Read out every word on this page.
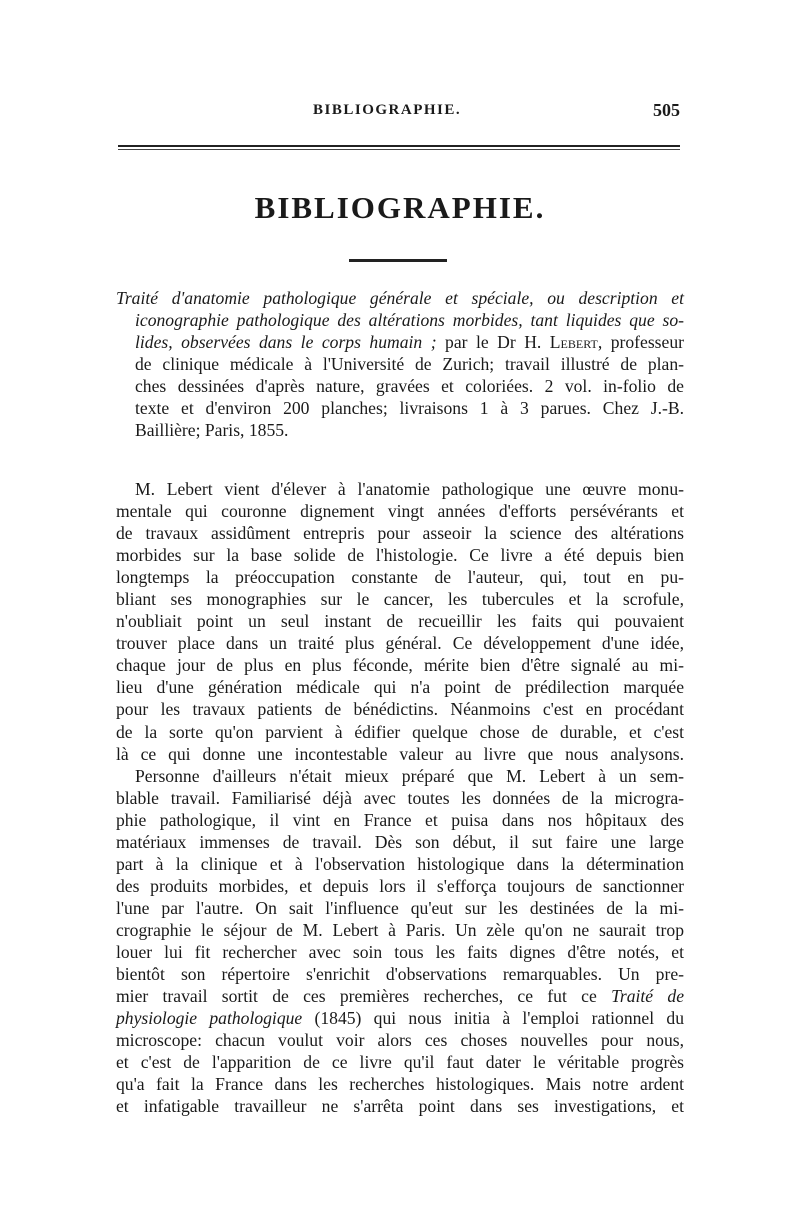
BIBLIOGRAPHIE.	505
BIBLIOGRAPHIE.
Traité d'anatomie pathologique générale et spéciale, ou description et
iconographie pathologique des altérations morbides, tant liquides que so-
lides, observées dans le corps humain ; par le Dr H. Lebert, professeur
de clinique médicale à l'Université de Zurich; travail illustré de plan-
ches dessinées d'après nature, gravées et coloriées. 2 vol. in-folio de
texte et d'environ 200 planches; livraisons 1 à 3 parues. Chez J.-B.
Baillière; Paris, 1855.
M. Lebert vient d'élever à l'anatomie pathologique une œuvre monu-
mentale qui couronne dignement vingt années d'efforts persévérants et
de travaux assidûment entrepris pour asseoir la science des altérations
morbides sur la base solide de l'histologie. Ce livre a été depuis bien
longtemps la préoccupation constante de l'auteur, qui, tout en pu-
bliant ses monographies sur le cancer, les tubercules et la scrofule,
n'oubliait point un seul instant de recueillir les faits qui pouvaient
trouver place dans un traité plus général. Ce développement d'une idée,
chaque jour de plus en plus féconde, mérite bien d'être signalé au mi-
lieu d'une génération médicale qui n'a point de prédilection marquée
pour les travaux patients de bénédictins. Néanmoins c'est en procédant
de la sorte qu'on parvient à édifier quelque chose de durable, et c'est
là ce qui donne une incontestable valeur au livre que nous analysons.
Personne d'ailleurs n'était mieux préparé que M. Lebert à un sem-
blable travail. Familiarisé déjà avec toutes les données de la microgra-
phie pathologique, il vint en France et puisa dans nos hôpitaux des
matériaux immenses de travail. Dès son début, il sut faire une large
part à la clinique et à l'observation histologique dans la détermination
des produits morbides, et depuis lors il s'efforça toujours de sanctionner
l'une par l'autre. On sait l'influence qu'eut sur les destinées de la mi-
crographie le séjour de M. Lebert à Paris. Un zèle qu'on ne saurait trop
louer lui fit rechercher avec soin tous les faits dignes d'être notés, et
bientôt son répertoire s'enrichit d'observations remarquables. Un pre-
mier travail sortit de ces premières recherches, ce fut ce Traité de
physiologie pathologique (1845) qui nous initia à l'emploi rationnel du
microscope: chacun voulut voir alors ces choses nouvelles pour nous,
et c'est de l'apparition de ce livre qu'il faut dater le véritable progrès
qu'a fait la France dans les recherches histologiques. Mais notre ardent
et infatigable travailleur ne s'arrêta point dans ses investigations, et
